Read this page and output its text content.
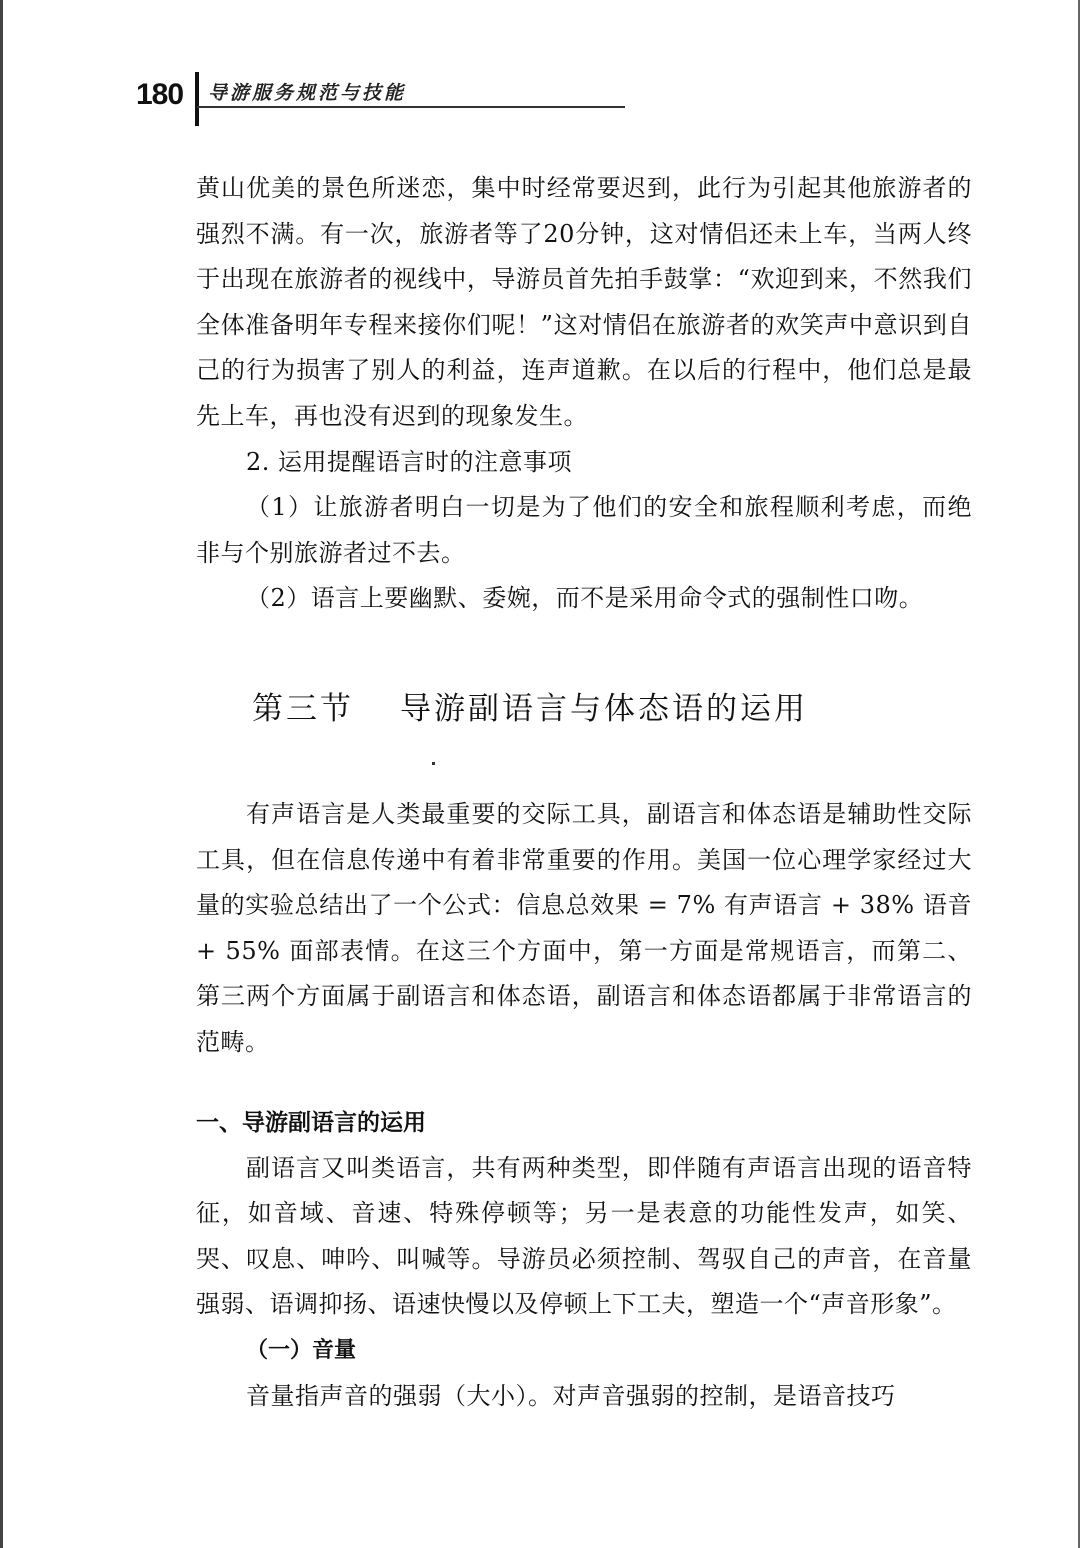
180 导游服务规范与技能

黄山优美的景色所迷恋，集中时经常要迟到，此行为引起其他旅游者的强烈不满。有一次，旅游者等了20分钟，这对情侣还未上车，当两人终于出现在旅游者的视线中，导游员首先拍手鼓掌：“欢迎到来，不然我们全体准备明年专程来接你们呢！”这对情侣在旅游者的欢笑声中意识到自己的行为损害了别人的利益，连声道歉。在以后的行程中，他们总是最先上车，再也没有迟到的现象发生。

2. 运用提醒语言时的注意事项

（1）让旅游者明白一切是为了他们的安全和旅程顺利考虑，而绝非与个别旅游者过不去。

（2）语言上要幽默、委婉，而不是采用命令式的强制性口吻。

第三节 导游副语言与体态语的运用

有声语言是人类最重要的交际工具，副语言和体态语是辅助性交际工具，但在信息传递中有着非常重要的作用。美国一位心理学家经过大量的实验总结出了一个公式：信息总效果 = 7% 有声语言 + 38% 语音 + 55% 面部表情。在这三个方面中，第一方面是常规语言，而第二、第三两个方面属于副语言和体态语，副语言和体态语都属于非常语言的范畴。

一、导游副语言的运用

副语言又叫类语言，共有两种类型，即伴随有声语言出现的语音特征，如音域、音速、特殊停顿等；另一是表意的功能性发声，如笑、哭、叹息、呻吟、叫喊等。导游员必须控制、驾驭自己的声音，在音量强弱、语调抑扬、语速快慢以及停顿上下工夫，塑造一个“声音形象”。

（一）音量

音量指声音的强弱（大小）。对声音强弱的控制，是语音技巧
